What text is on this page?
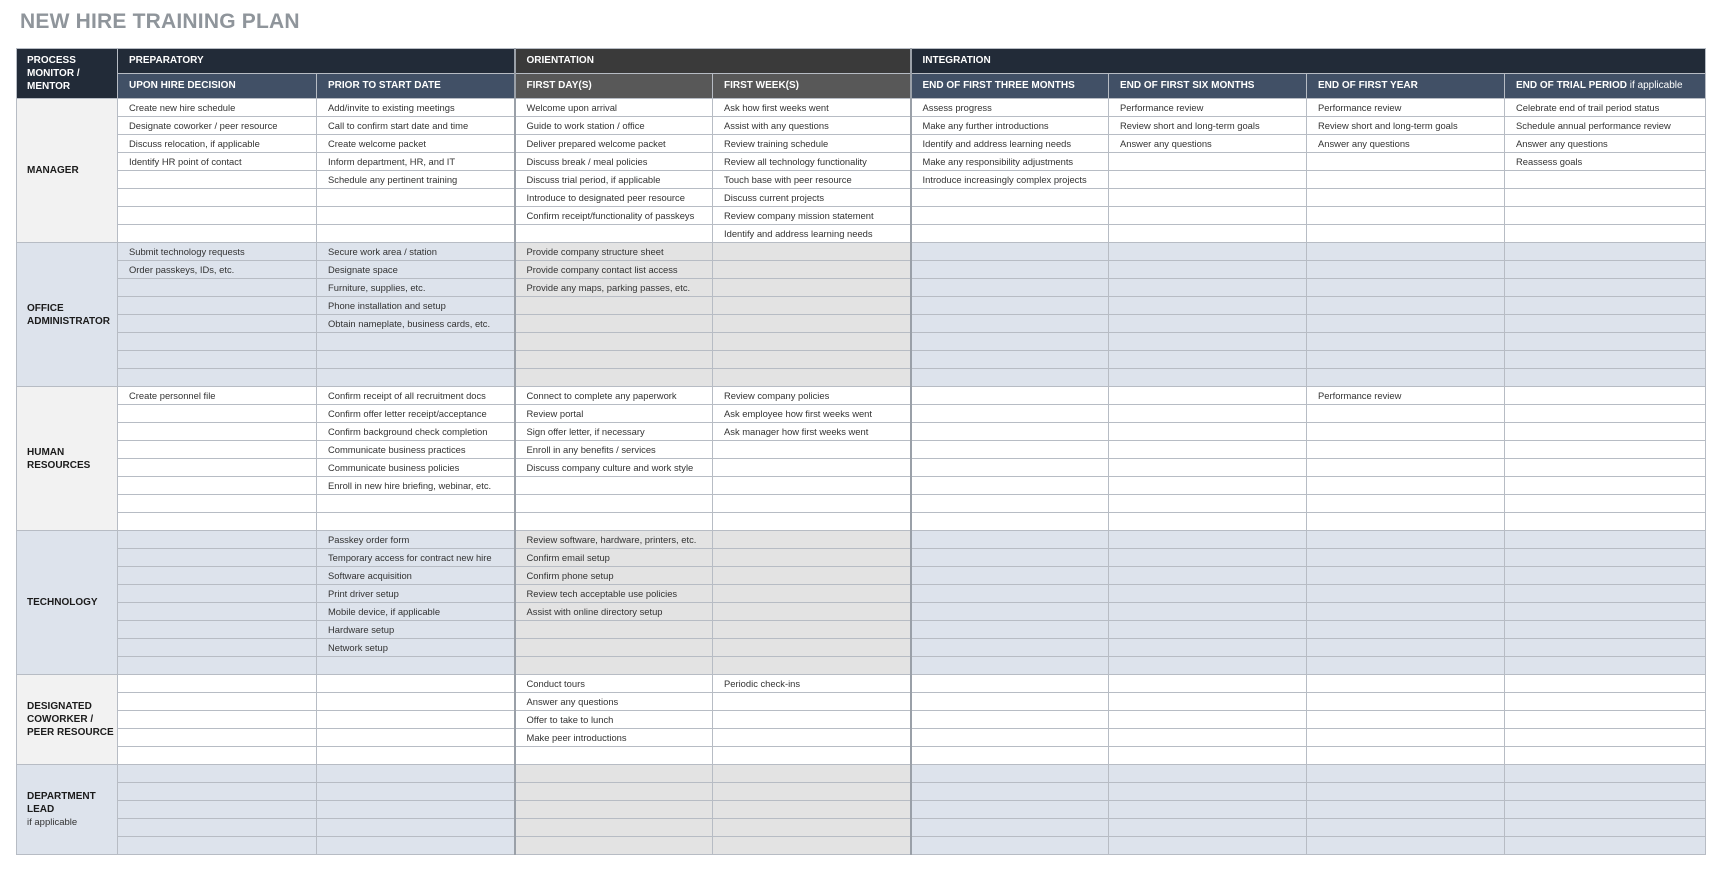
NEW HIRE TRAINING PLAN
PROCESS MONITOR / MENTOR	PREPARATORY		ORIENTATION		INTEGRATION			
	UPON HIRE DECISION	PRIOR TO START DATE	FIRST DAY(S)	FIRST WEEK(S)	END OF FIRST THREE MONTHS	END OF FIRST SIX MONTHS	END OF FIRST YEAR	END OF TRIAL PERIOD if applicable
MANAGER	Create new hire schedule	Add/invite to existing meetings	Welcome upon arrival	Ask how first weeks went	Assess progress	Performance review	Performance review	Celebrate end of trail period status
	Designate coworker / peer resource	Call to confirm start date and time	Guide to work station / office	Assist with any questions	Make any further introductions	Review short and long-term goals	Review short and long-term goals	Schedule annual performance review
	Discuss relocation, if applicable	Create welcome packet	Deliver prepared welcome packet	Review training schedule	Identify and address learning needs	Answer any questions	Answer any questions	Answer any questions
	Identify HR point of contact	Inform department, HR, and IT	Discuss break / meal policies	Review all technology functionality	Make any responsibility adjustments			Reassess goals
		Schedule any pertinent training	Discuss trial period, if applicable	Touch base with peer resource	Introduce increasingly complex projects			
			Introduce to designated peer resource	Discuss current projects				
			Confirm receipt/functionality of passkeys	Review company mission statement				
				Identify and address learning needs				
OFFICE ADMINISTRATOR	Submit technology requests	Secure work area / station	Provide company structure sheet					
	Order passkeys, IDs, etc.	Designate space	Provide company contact list access					
		Furniture, supplies, etc.	Provide any maps, parking passes, etc.					
		Phone installation and setup						
		Obtain nameplate, business cards, etc.						

HUMAN RESOURCES	Create personnel file	Confirm receipt of all recruitment docs	Connect to complete any paperwork	Review company policies			Performance review	
		Confirm offer letter receipt/acceptance	Review portal	Ask employee how first weeks went				
		Confirm background check completion	Sign offer letter, if necessary	Ask manager how first weeks went				
		Communicate business practices	Enroll in any benefits / services					
		Communicate business policies	Discuss company culture and work style					
		Enroll in new hire briefing, webinar, etc.						

TECHNOLOGY		Passkey order form	Review software, hardware, printers, etc.					
		Temporary access for contract new hire	Confirm email setup					
		Software acquisition	Confirm phone setup					
		Print driver setup	Review tech acceptable use policies					
		Mobile device, if applicable	Assist with online directory setup					
		Hardware setup						
		Network setup						

DESIGNATED COWORKER / PEER RESOURCE			Conduct tours	Periodic check-ins				
			Answer any questions					
			Offer to take to lunch					
			Make peer introductions					

DEPARTMENT LEAD
if applicable								
